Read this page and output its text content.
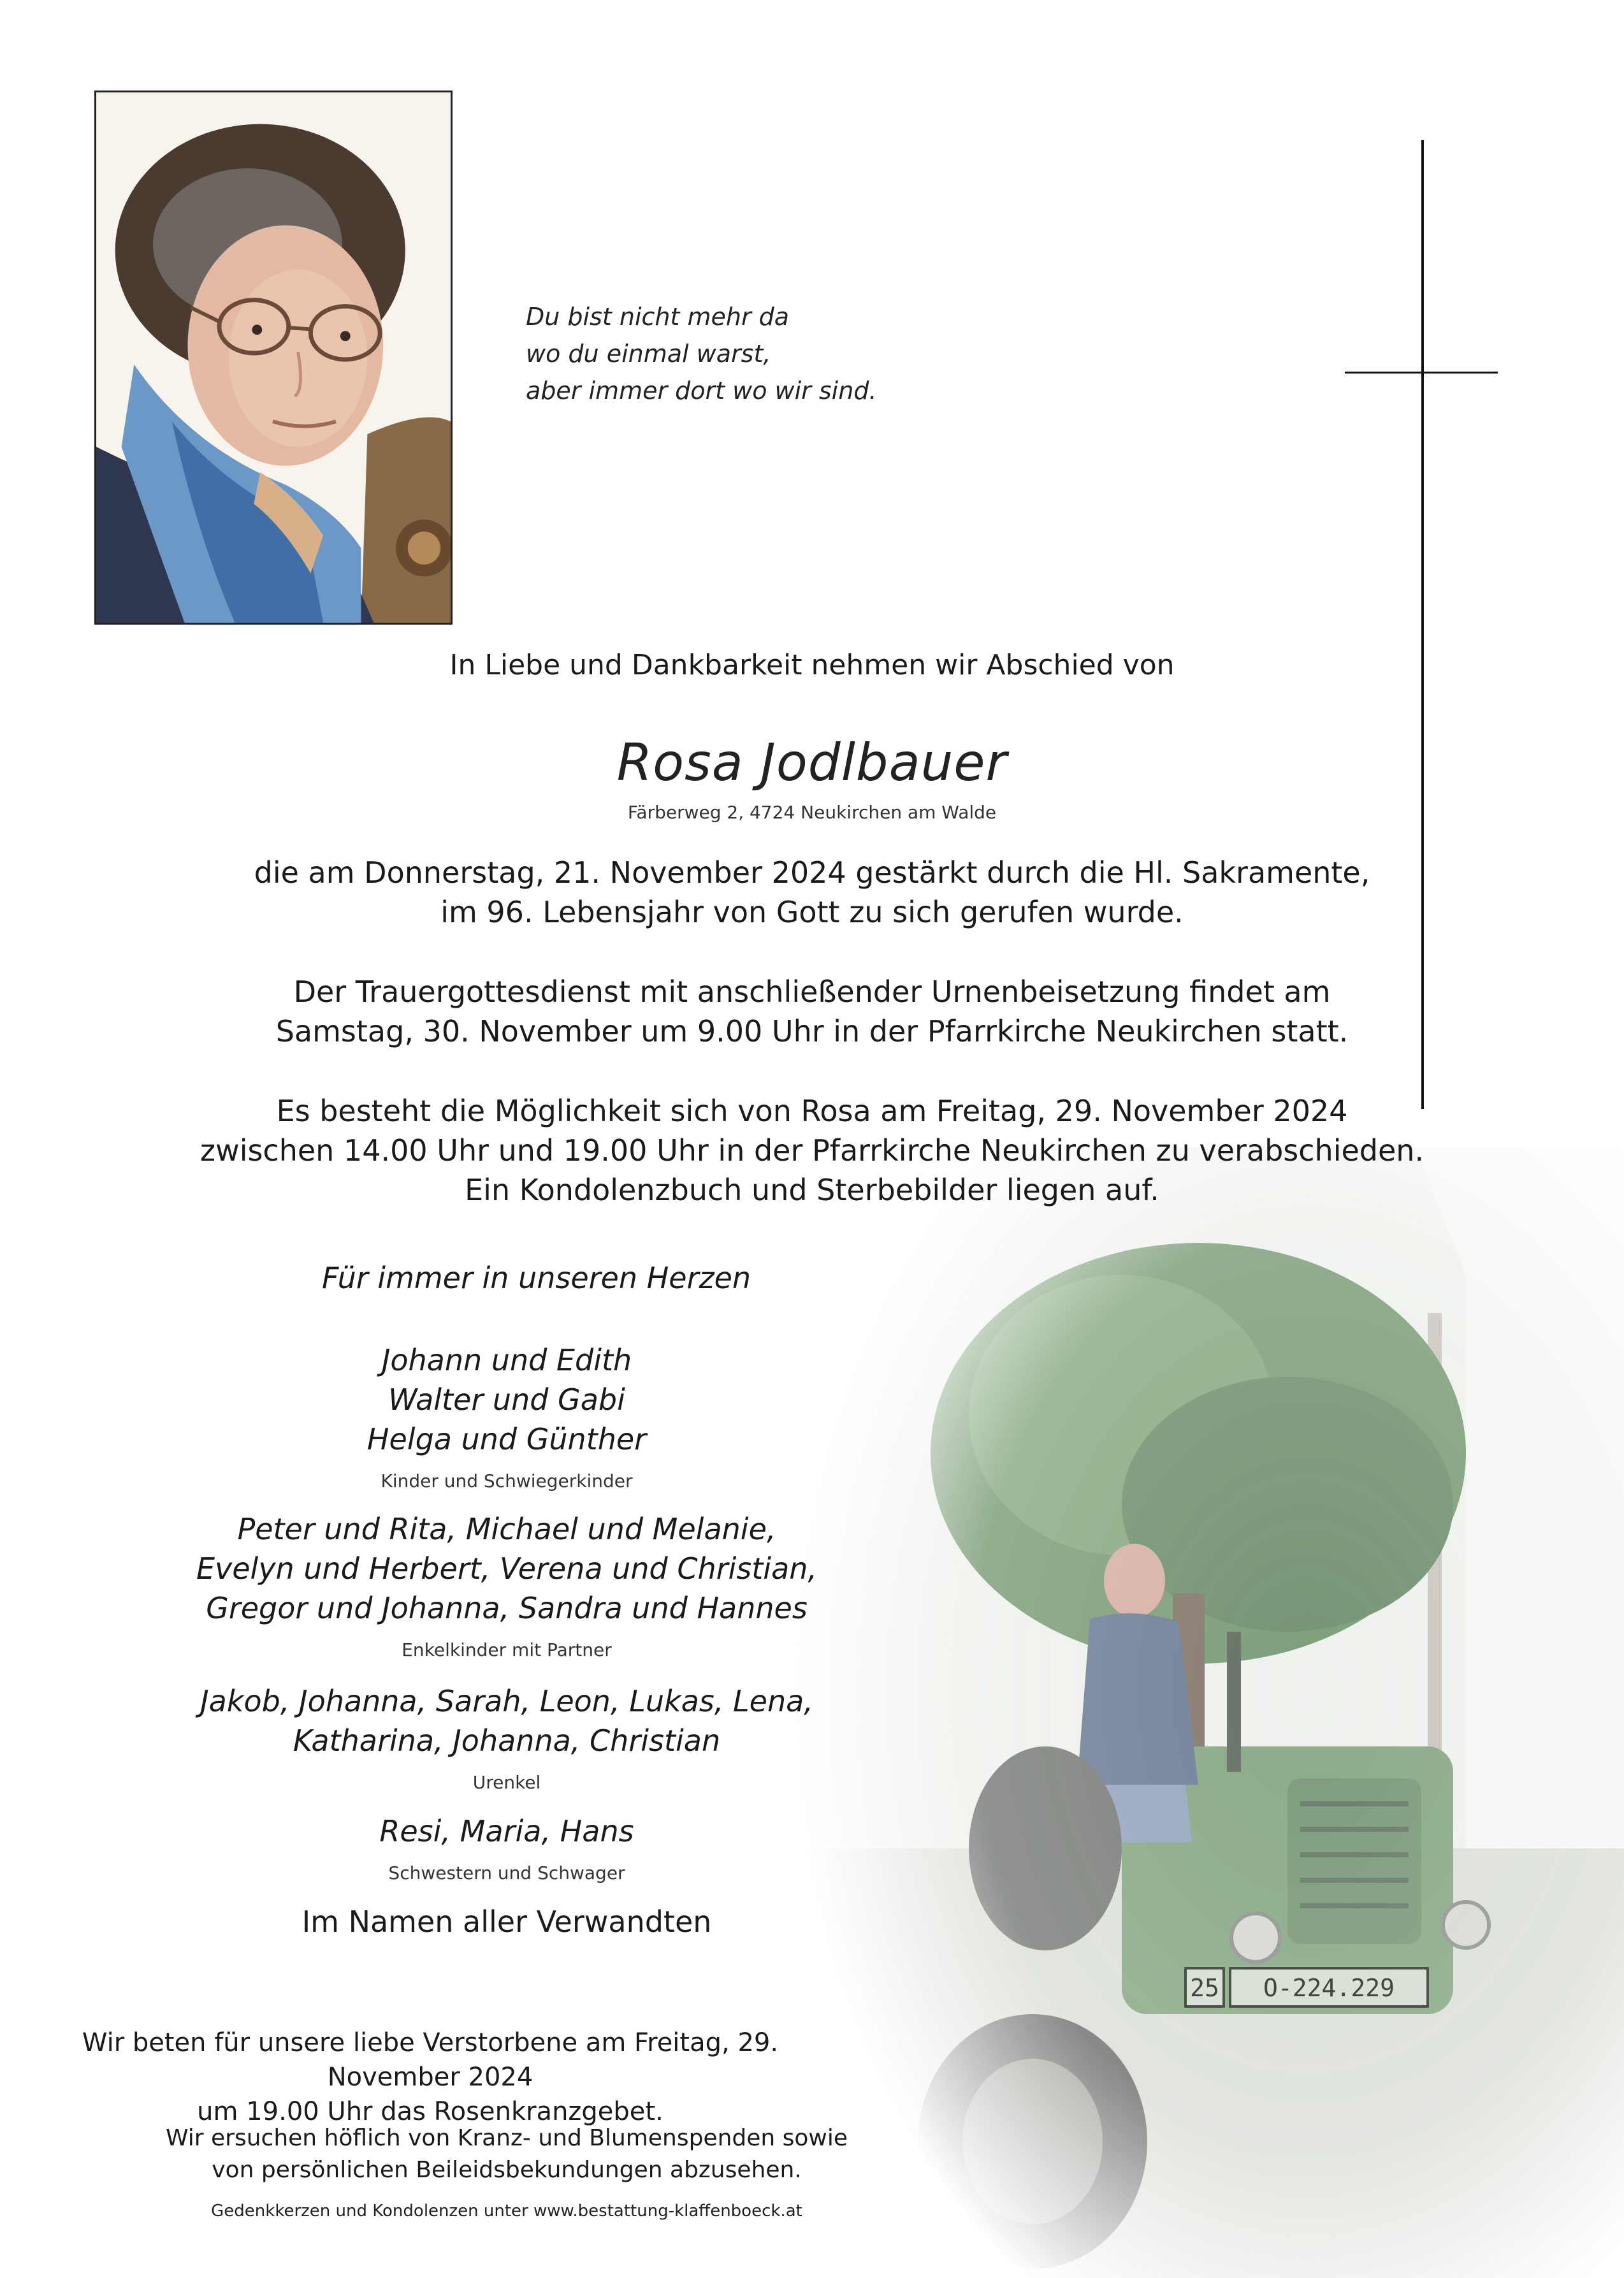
Du bist nicht mehr da
wo du einmal warst,
aber immer dort wo wir sind.
25 O-224.229
In Liebe und Dankbarkeit nehmen wir Abschied von
Rosa Jodlbauer
Färberweg 2, 4724 Neukirchen am Walde
die am Donnerstag, 21. November 2024 gestärkt durch die Hl. Sakramente,
im 96. Lebensjahr von Gott zu sich gerufen wurde.
Der Trauergottesdienst mit anschließender Urnenbeisetzung findet am
Samstag, 30. November um 9.00 Uhr in der Pfarrkirche Neukirchen statt.
Es besteht die Möglichkeit sich von Rosa am Freitag, 29. November 2024
zwischen 14.00 Uhr und 19.00 Uhr in der Pfarrkirche Neukirchen zu verabschieden.
Ein Kondolenzbuch und Sterbebilder liegen auf.
Für immer in unseren Herzen
Johann und Edith
Walter und Gabi
Helga und Günther
Kinder und Schwiegerkinder
Peter und Rita, Michael und Melanie,
Evelyn und Herbert, Verena und Christian,
Gregor und Johanna, Sandra und Hannes
Enkelkinder mit Partner
Jakob, Johanna, Sarah, Leon, Lukas, Lena,
Katharina, Johanna, Christian
Urenkel
Resi, Maria, Hans
Schwestern und Schwager
Im Namen aller Verwandten
Wir beten für unsere liebe Verstorbene am Freitag, 29. November 2024
um 19.00 Uhr das Rosenkranzgebet.
Wir ersuchen höflich von Kranz- und Blumenspenden sowie
von persönlichen Beileidsbekundungen abzusehen.
Gedenkkerzen und Kondolenzen unter www.bestattung-klaffenboeck.at
